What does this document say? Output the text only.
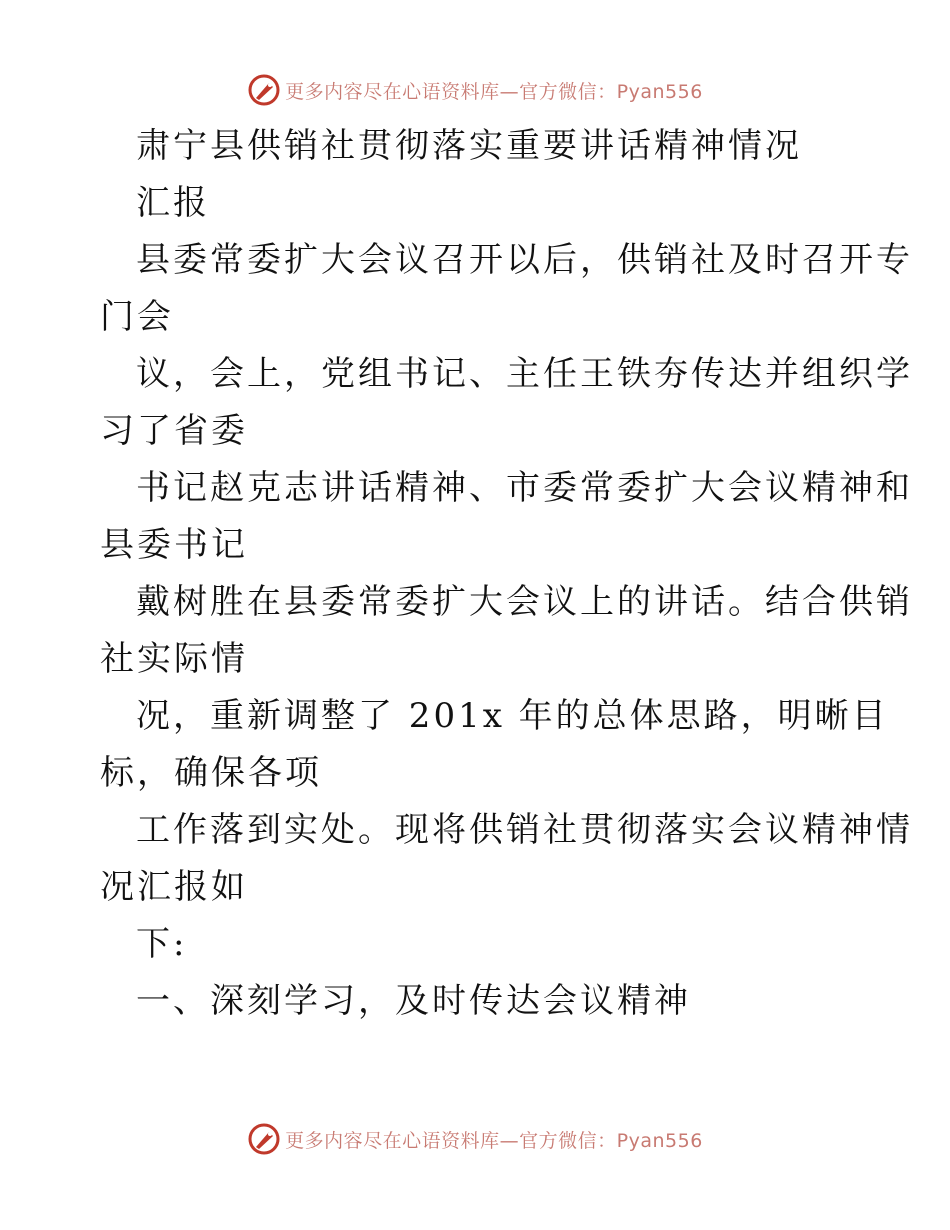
更多内容尽在心语资料库—官方微信：Pyan556
肃宁县供销社贯彻落实重要讲话精神情况
汇报
县委常委扩大会议召开以后，供销社及时召开专
门会
议，会上，党组书记、主任王铁夯传达并组织学
习了省委
书记赵克志讲话精神、市委常委扩大会议精神和
县委书记
戴树胜在县委常委扩大会议上的讲话。结合供销
社实际情
况，重新调整了 201x 年的总体思路，明晰目
标，确保各项
工作落到实处。现将供销社贯彻落实会议精神情
况汇报如
下:
一、深刻学习，及时传达会议精神
更多内容尽在心语资料库—官方微信：Pyan556
